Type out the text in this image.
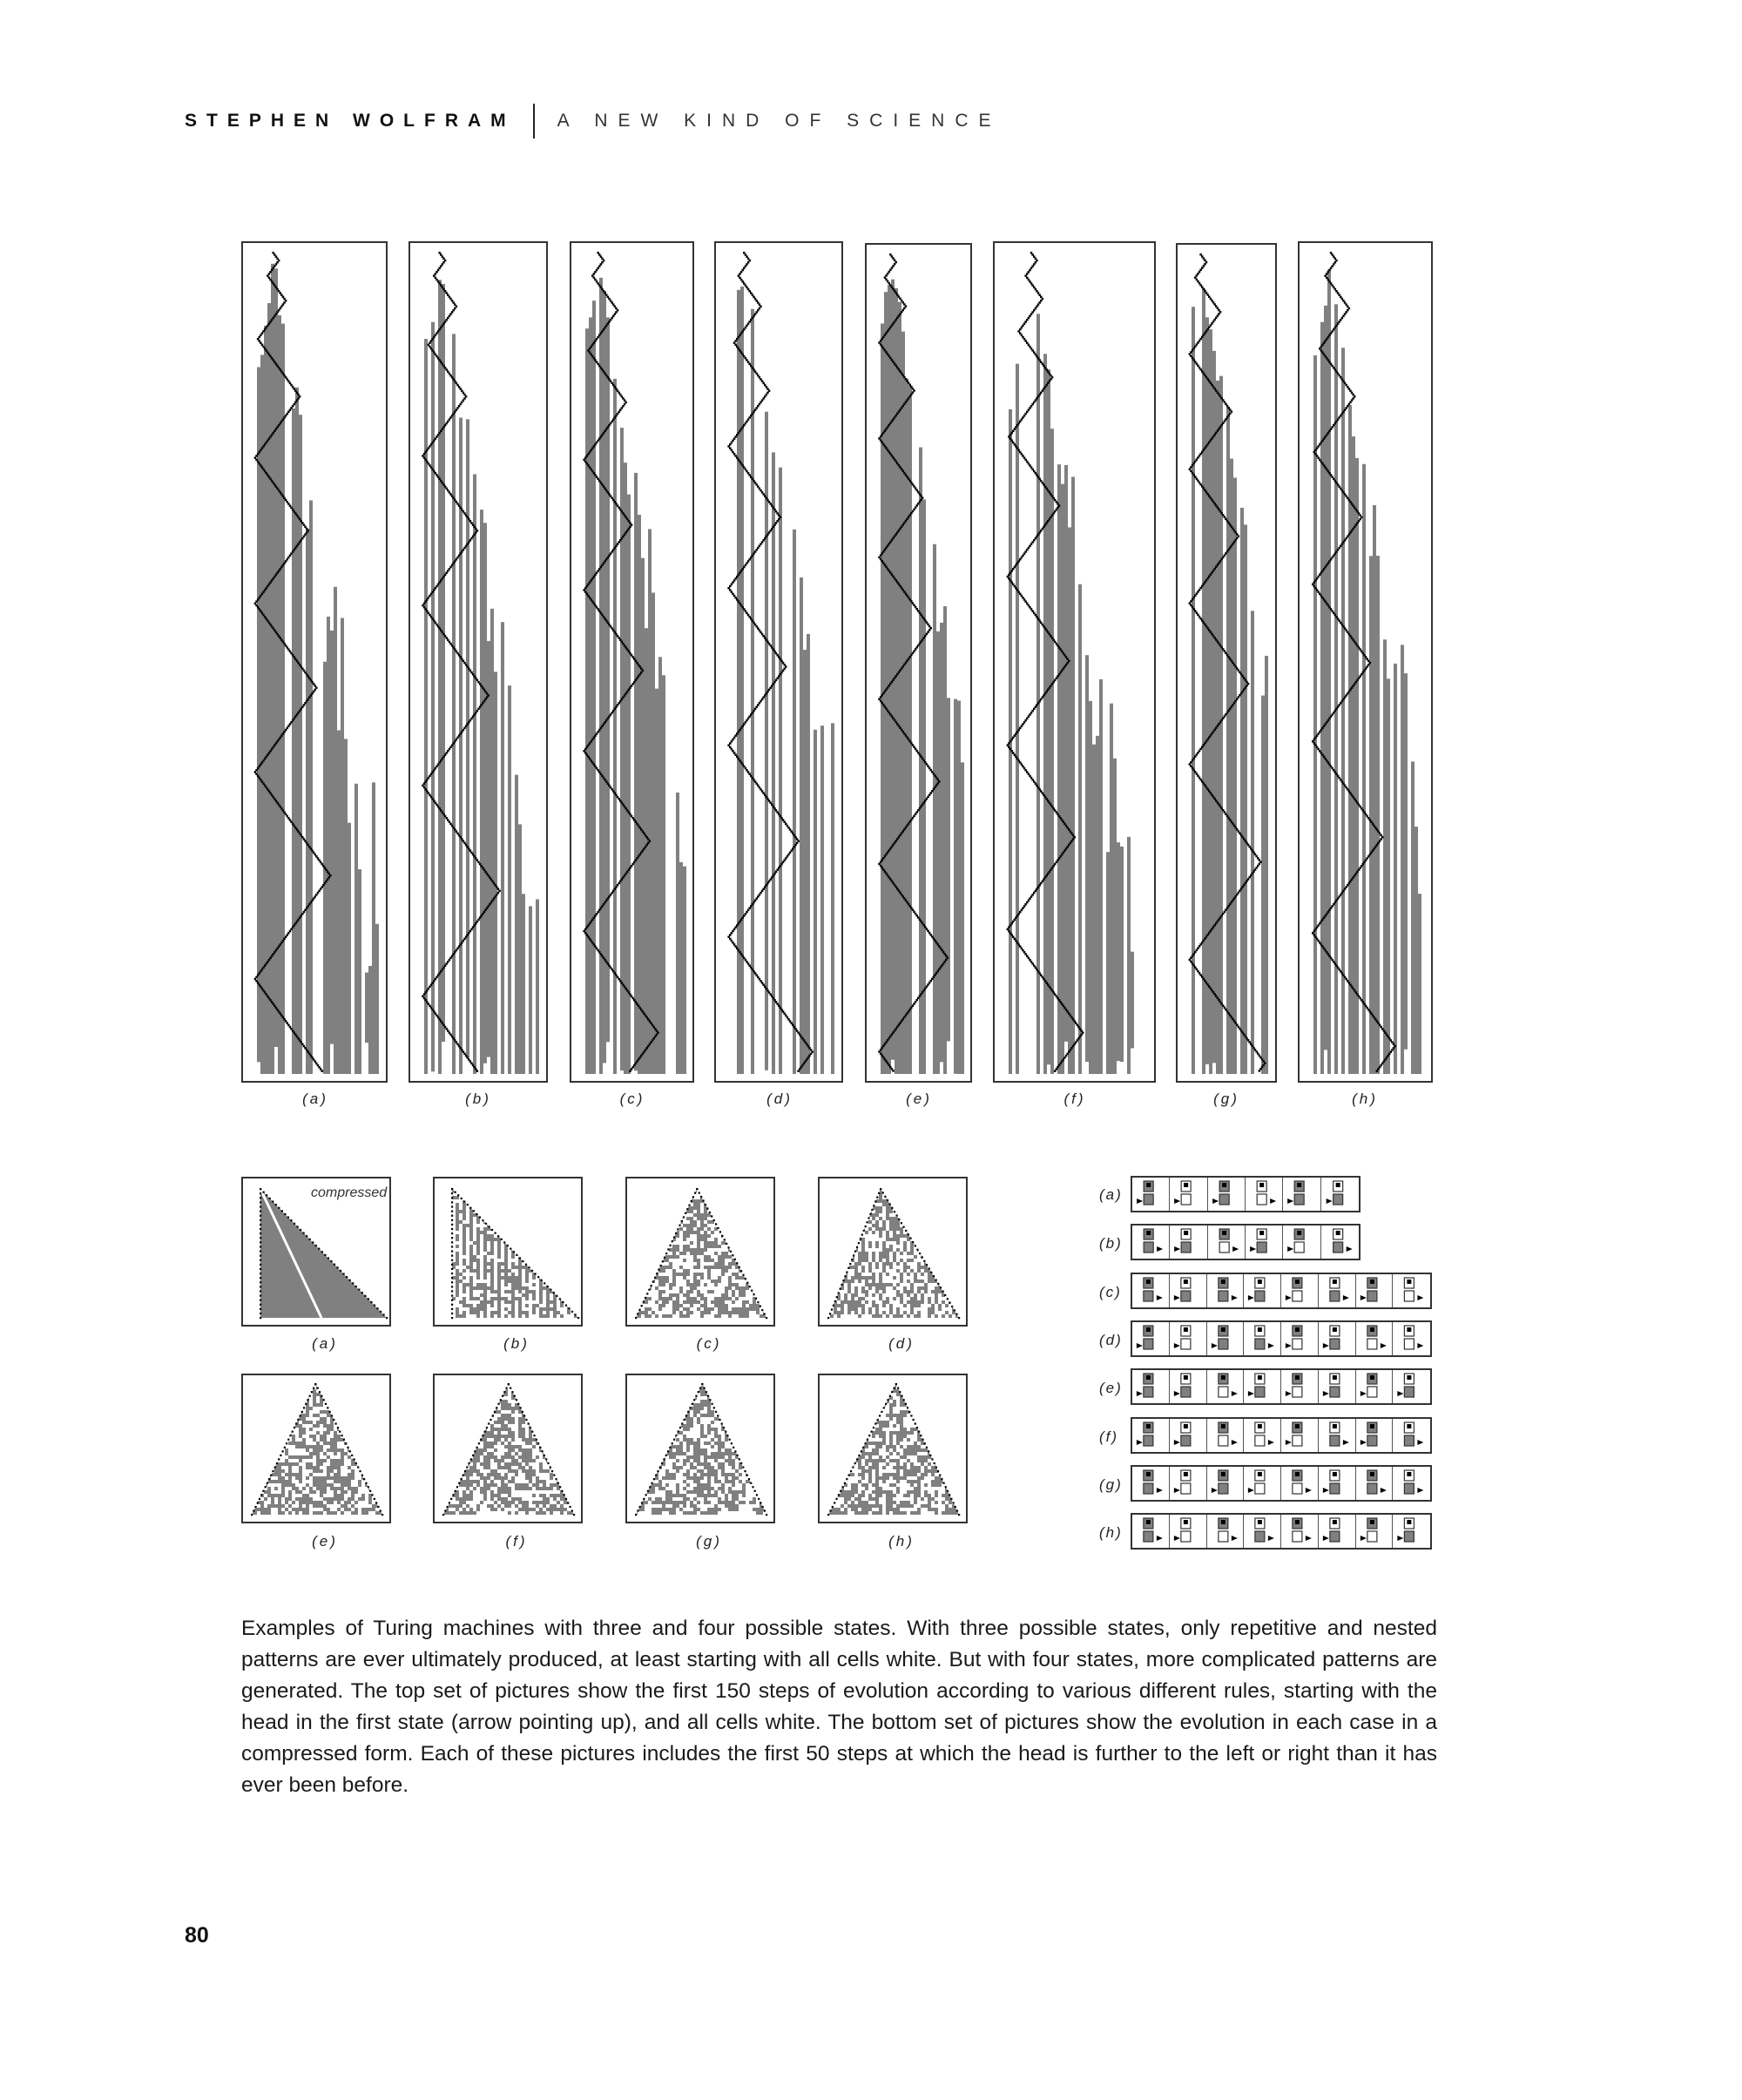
STEPHEN WOLFRAM A NEW KIND OF SCIENCE
(a)	(b)	(c)	(d)	(e)	(f)	(g)	(h)
compressed
(a)	(b)	(c)	(d)
(e)	(f)	(g)	(h)
(a)
(b)
(c)
(d)
(e)
(f)
(g)
(h)

Examples of Turing machines with three and four possible states. With three possible states, only repetitive and nested patterns are ever ultimately produced, at least starting with all cells white. But with four states, more complicated patterns are generated. The top set of pictures show the first 150 steps of evolution according to various different rules, starting with the head in the first state (arrow pointing up), and all cells white. The bottom set of pictures show the evolution in each case in a compressed form. Each of these pictures includes the first 50 steps at which the head is further to the left or right than it has ever been before.

80
